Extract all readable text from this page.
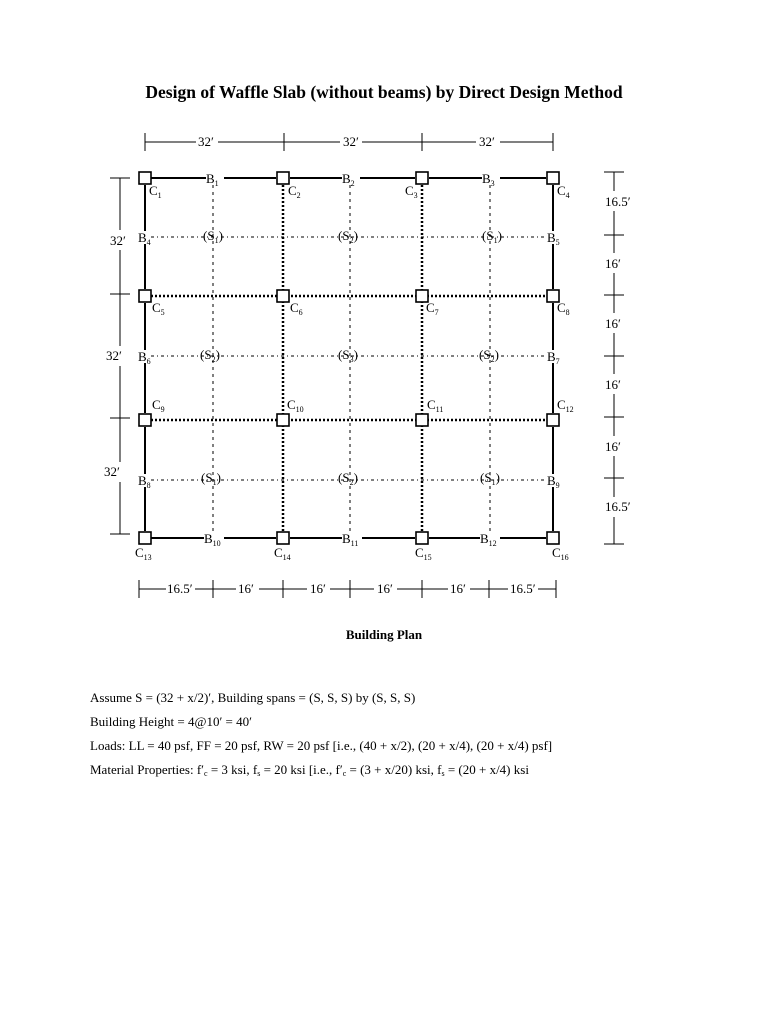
Design of Waffle Slab (without beams) by Direct Design Method
$C_1$	$C_2$	$C_3$	$C_4$
$C_5$	$C_6$	$C_7$	$C_8$
$C_9$	$C_{10}$	$C_{11}$	$C_{12}$
$C_{13}$	$C_{14}$	$C_{15}$	$C_{16}$
$B_1$	$B_2$	$B_3$
$B_4$	$B_5$
$B_6$	$B_7$
$B_8$	$B_9$
$B_{10}$	$B_{11}$	$B_{12}$
$(S_1)$	$(S_2)$	$(S_1)$
$(S_2)$	$(S_3)$	$(S_2)$
$(S_1)$	$(S_2)$	$(S_1)$
32′	32′	32′
32′
32′
32′
16.5′
16′
16′
16′
16′
16.5′
16.5′	16′	16′	16′	16′	16.5′
Building Plan
Assume S = (32 + x/2)′, Building spans = (S, S, S) by (S, S, S)
Building Height = 4@10′ = 40′
Loads: LL = 40 psf, FF = 20 psf, RW = 20 psf [i.e., (40 + x/2), (20 + x/4), (20 + x/4) psf]
Material Properties: $f'_c = 3$ ksi, $f_s = 20$ ksi [i.e., $f'_c = (3 + x/20)$ ksi, $f_s = (20 + x/4)$ ksi
